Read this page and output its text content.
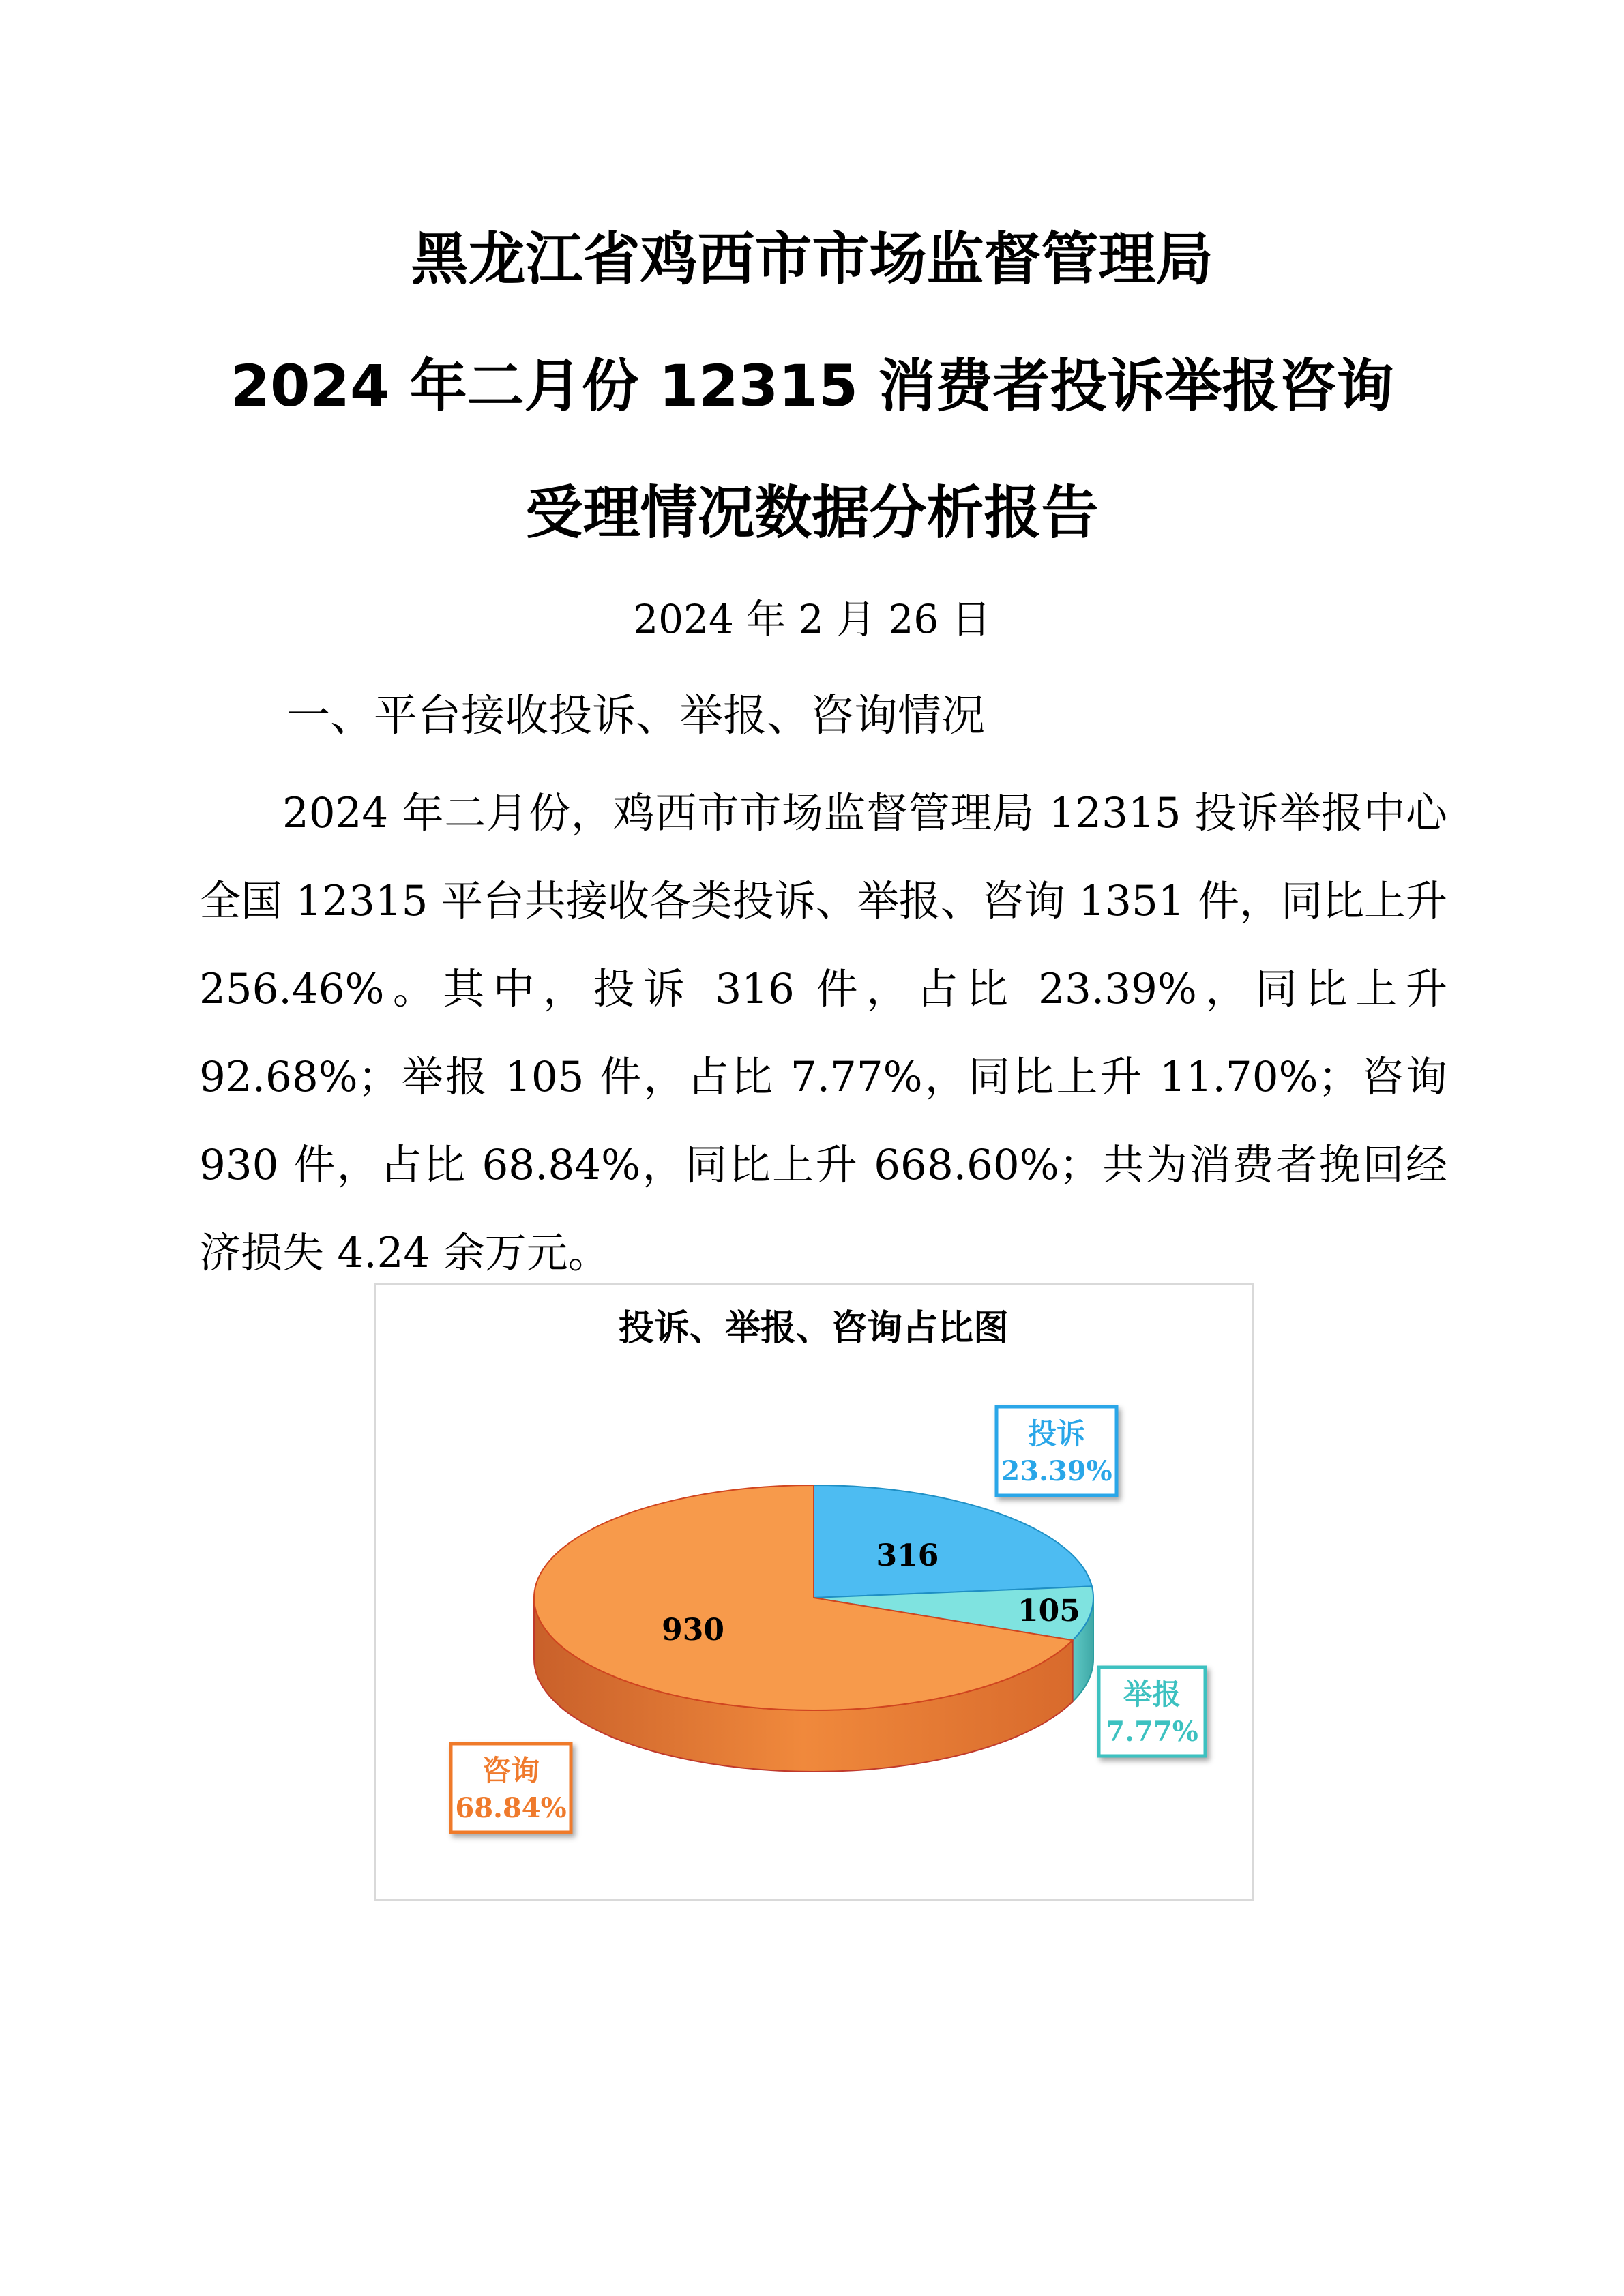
黑龙江省鸡西市市场监督管理局
2024 年二月份 12315 消费者投诉举报咨询
受理情况数据分析报告
2024 年 2 月 26 日
一、平台接收投诉、举报、咨询情况

2024 年二月份，鸡西市市场监督管理局 12315 投诉举报中心全国 12315 平台共接收各类投诉、举报、咨询 1351 件，同比上升 256.46%。其中，投诉 316 件，占比 23.39%，同比上升 92.68%；举报 105 件，占比 7.77%，同比上升 11.70%；咨询 930 件，占比 68.84%，同比上升 668.60%；共为消费者挽回经济损失 4.24 余万元。

投诉、举报、咨询占比图
316
105
930
投诉
23.39%
举报
7.77%
咨询
68.84%
